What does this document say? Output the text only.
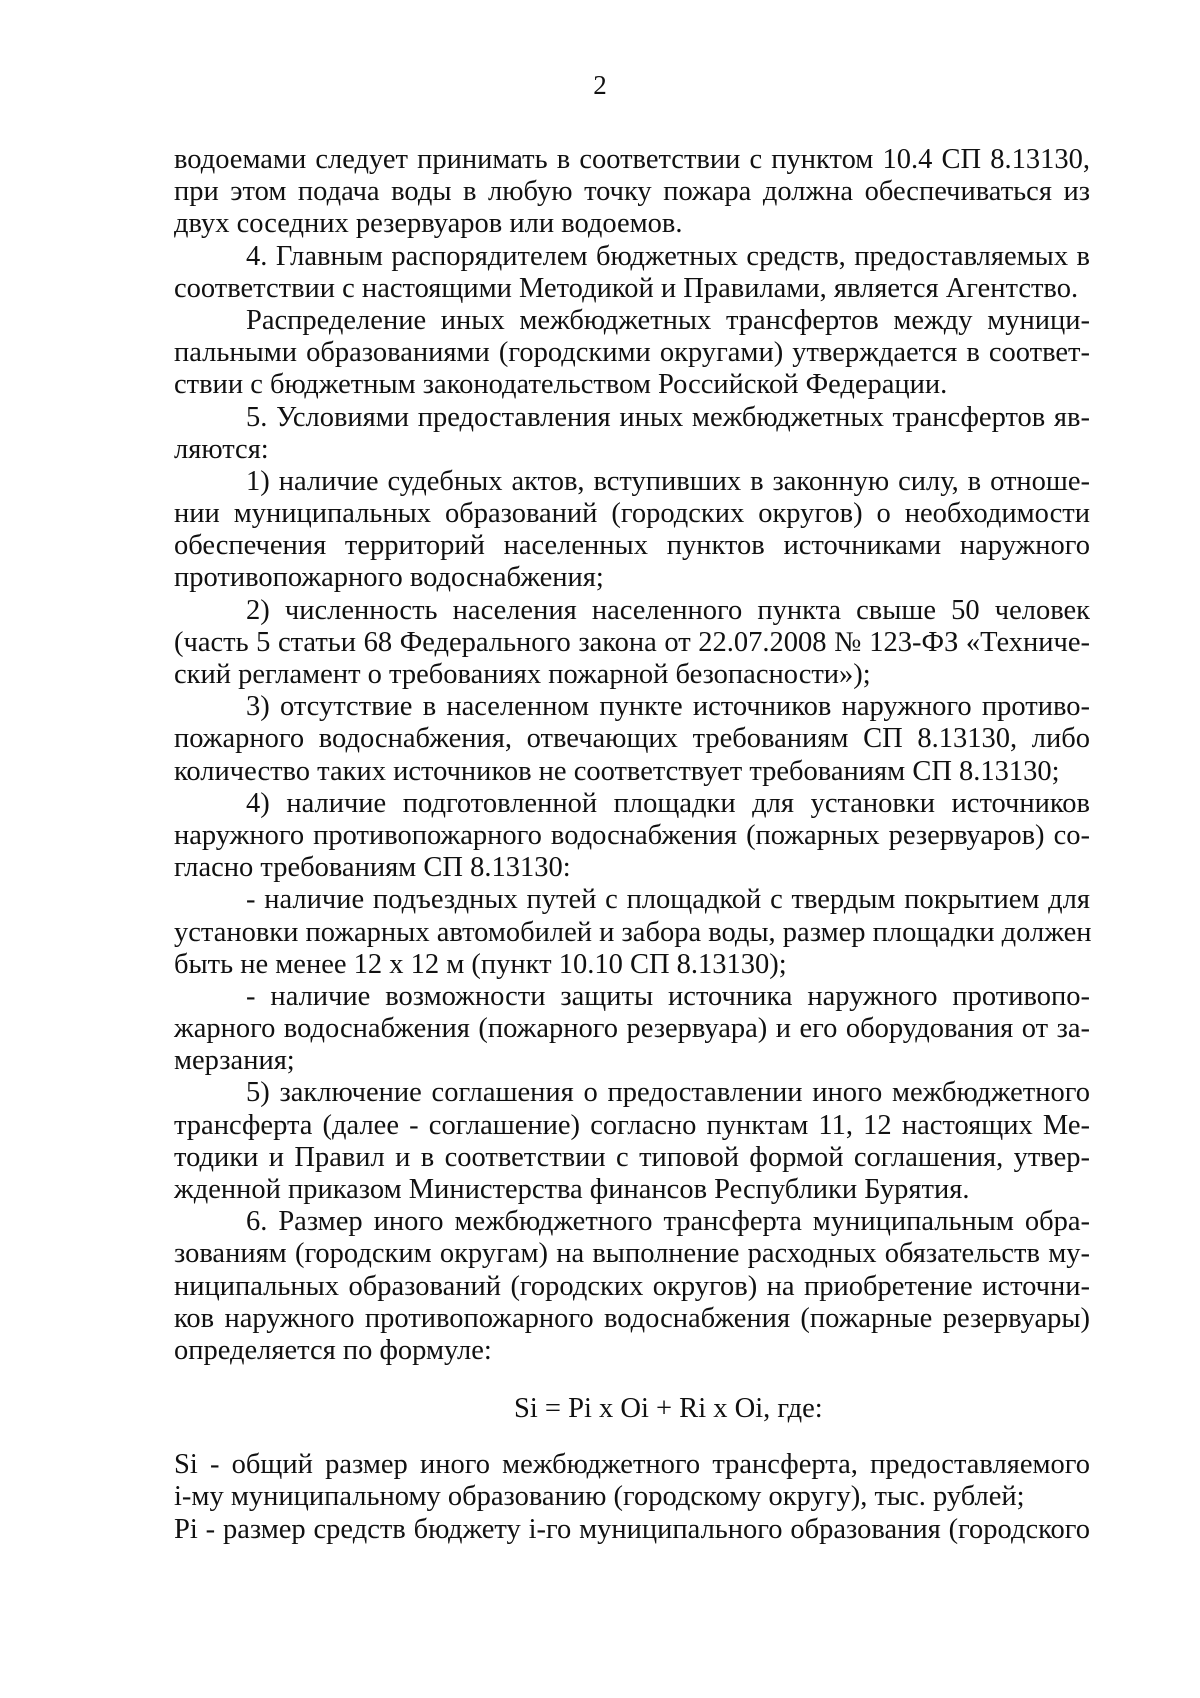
2
водоемами следует принимать в соответствии с пунктом 10.4 СП 8.13130,
при этом подача воды в любую точку пожара должна обеспечиваться из
двух соседних резервуаров или водоемов.
4. Главным распорядителем бюджетных средств, предоставляемых в
соответствии с настоящими Методикой и Правилами, является Агентство.
Распределение иных межбюджетных трансфертов между муници-
пальными образованиями (городскими округами) утверждается в соответ-
ствии с бюджетным законодательством Российской Федерации.
5. Условиями предоставления иных межбюджетных трансфертов яв-
ляются:
1) наличие судебных актов, вступивших в законную силу, в отноше-
нии муниципальных образований (городских округов) о необходимости
обеспечения территорий населенных пунктов источниками наружного
противопожарного водоснабжения;
2) численность населения населенного пункта свыше 50 человек
(часть 5 статьи 68 Федерального закона от 22.07.2008 № 123-ФЗ «Техниче-
ский регламент о требованиях пожарной безопасности»);
3) отсутствие в населенном пункте источников наружного противо-
пожарного водоснабжения, отвечающих требованиям СП 8.13130, либо
количество таких источников не соответствует требованиям СП 8.13130;
4) наличие подготовленной площадки для установки источников
наружного противопожарного водоснабжения (пожарных резервуаров) со-
гласно требованиям СП 8.13130:
- наличие подъездных путей с площадкой с твердым покрытием для
установки пожарных автомобилей и забора воды, размер площадки должен
быть не менее 12 х 12 м (пункт 10.10 СП 8.13130);
- наличие возможности защиты источника наружного противопо-
жарного водоснабжения (пожарного резервуара) и его оборудования от за-
мерзания;
5) заключение соглашения о предоставлении иного межбюджетного
трансферта (далее - соглашение) согласно пунктам 11, 12 настоящих Ме-
тодики и Правил и в соответствии с типовой формой соглашения, утвер-
жденной приказом Министерства финансов Республики Бурятия.
6. Размер иного межбюджетного трансферта муниципальным обра-
зованиям (городским округам) на выполнение расходных обязательств му-
ниципальных образований (городских округов) на приобретение источни-
ков наружного противопожарного водоснабжения (пожарные резервуары)
определяется по формуле:
Si = Pi x Oi + Ri x Oi, где:
Si - общий размер иного межбюджетного трансферта, предоставляемого
i-му муниципальному образованию (городскому округу), тыс. рублей;
Pi - размер средств бюджету i-го муниципального образования (городского
